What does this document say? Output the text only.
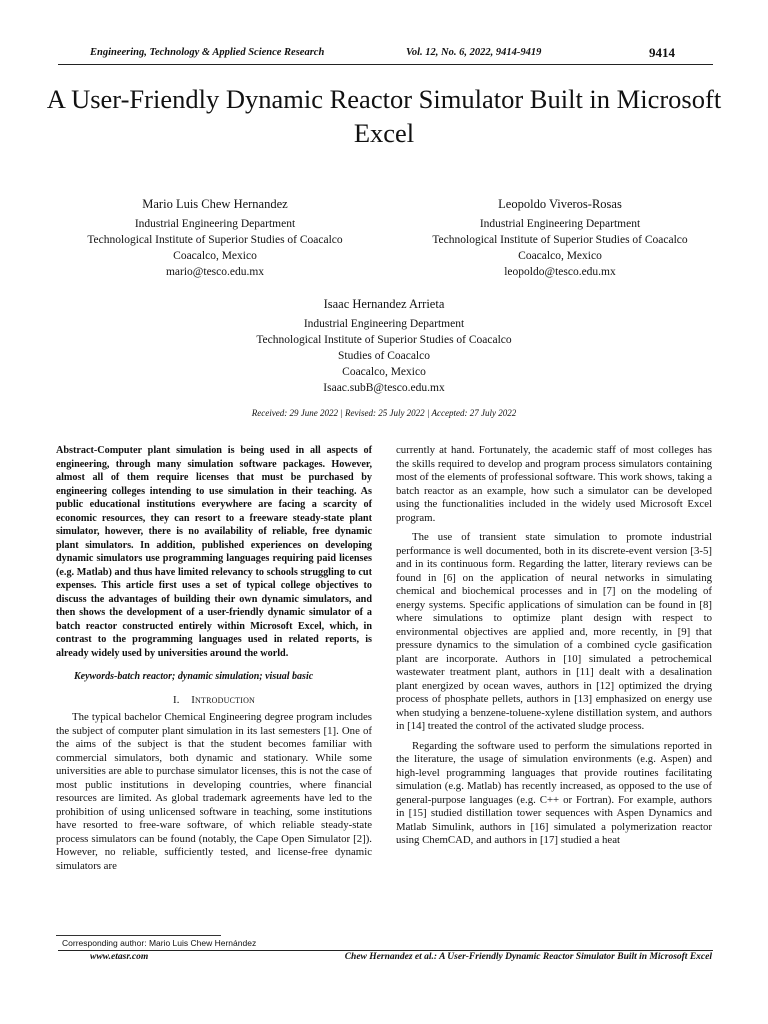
Engineering, Technology & Applied Science Research	Vol. 12, No. 6, 2022, 9414-9419	9414
A User-Friendly Dynamic Reactor Simulator Built in Microsoft Excel
Mario Luis Chew Hernandez
Industrial Engineering Department
Technological Institute of Superior Studies of Coacalco
Coacalco, Mexico
mario@tesco.edu.mx
Leopoldo Viveros-Rosas
Industrial Engineering Department
Technological Institute of Superior Studies of Coacalco
Coacalco, Mexico
leopoldo@tesco.edu.mx
Isaac Hernandez Arrieta
Industrial Engineering Department
Technological Institute of Superior Studies of Coacalco
Studies of Coacalco
Coacalco, Mexico
Isaac.subB@tesco.edu.mx
Received: 29 June 2022 | Revised: 25 July 2022 | Accepted: 27 July 2022

Abstract-Computer plant simulation is being used in all aspects of engineering, through many simulation software packages. However, almost all of them require licenses that must be purchased by engineering colleges intending to use simulation in their teaching. As public educational institutions everywhere are facing a scarcity of economic resources, they can resort to a freeware steady-state plant simulator, however, there is no availability of reliable, free dynamic plant simulators. In addition, published experiences on developing dynamic simulators use programming languages requiring paid licenses (e.g. Matlab) and thus have limited relevancy to schools struggling to cut expenses. This article first uses a set of typical college objectives to discuss the advantages of building their own dynamic simulators, and then shows the development of a user-friendly dynamic simulator of a batch reactor constructed entirely within Microsoft Excel, which, in contrast to the programming languages used in related reports, is already widely used by universities around the world.

Keywords-batch reactor; dynamic simulation; visual basic

I. Introduction

The typical bachelor Chemical Engineering degree program includes the subject of computer plant simulation in its last semesters [1]. One of the aims of the subject is that the student becomes familiar with commercial simulators, both dynamic and stationary. While some universities are able to purchase simulator licenses, this is not the case of most public institutions in developing countries, where financial resources are limited. As global trademark agreements have led to the prohibition of using unlicensed software in teaching, some institutions have resorted to free-ware software, of which reliable steady-state process simulators can be found (notably, the Cape Open Simulator [2]). However, no reliable, sufficiently tested, and license-free dynamic simulators are

currently at hand. Fortunately, the academic staff of most colleges has the skills required to develop and program process simulators containing most of the elements of professional software. This work shows, taking a batch reactor as an example, how such a simulator can be developed using the functionalities included in the widely used Microsoft Excel program.

The use of transient state simulation to promote industrial performance is well documented, both in its discrete-event version [3-5] and in its continuous form. Regarding the latter, literary reviews can be found in [6] on the application of neural networks in simulating chemical and biochemical processes and in [7] on the modeling of energy systems. Specific applications of simulation can be found in [8] where simulations to optimize plant design with respect to environmental objectives are applied and, more recently, in [9] that pressure dynamics to the simulation of a combined cycle gasification plant are incorporate. Authors in [10] simulated a petrochemical wastewater treatment plant, authors in [11] dealt with a desalination plant energized by ocean waves, authors in [12] optimized the drying process of phosphate pellets, authors in [13] emphasized on energy use when studying a benzene-toluene-xylene distillation system, and authors in [14] treated the control of the activated sludge process.

Regarding the software used to perform the simulations reported in the literature, the usage of simulation environments (e.g. Aspen) and high-level programming languages that provide routines facilitating simulation (e.g. Matlab) has recently increased, as opposed to the use of general-purpose languages (e.g. C++ or Fortran). For example, authors in [15] studied distillation tower sequences with Aspen Dynamics and Matlab Simulink, authors in [16] simulated a polymerization reactor using ChemCAD, and authors in [17] studied a heat

Corresponding author: Mario Luis Chew Hernández
www.etasr.com	Chew Hernandez et al.: A User-Friendly Dynamic Reactor Simulator Built in Microsoft Excel
